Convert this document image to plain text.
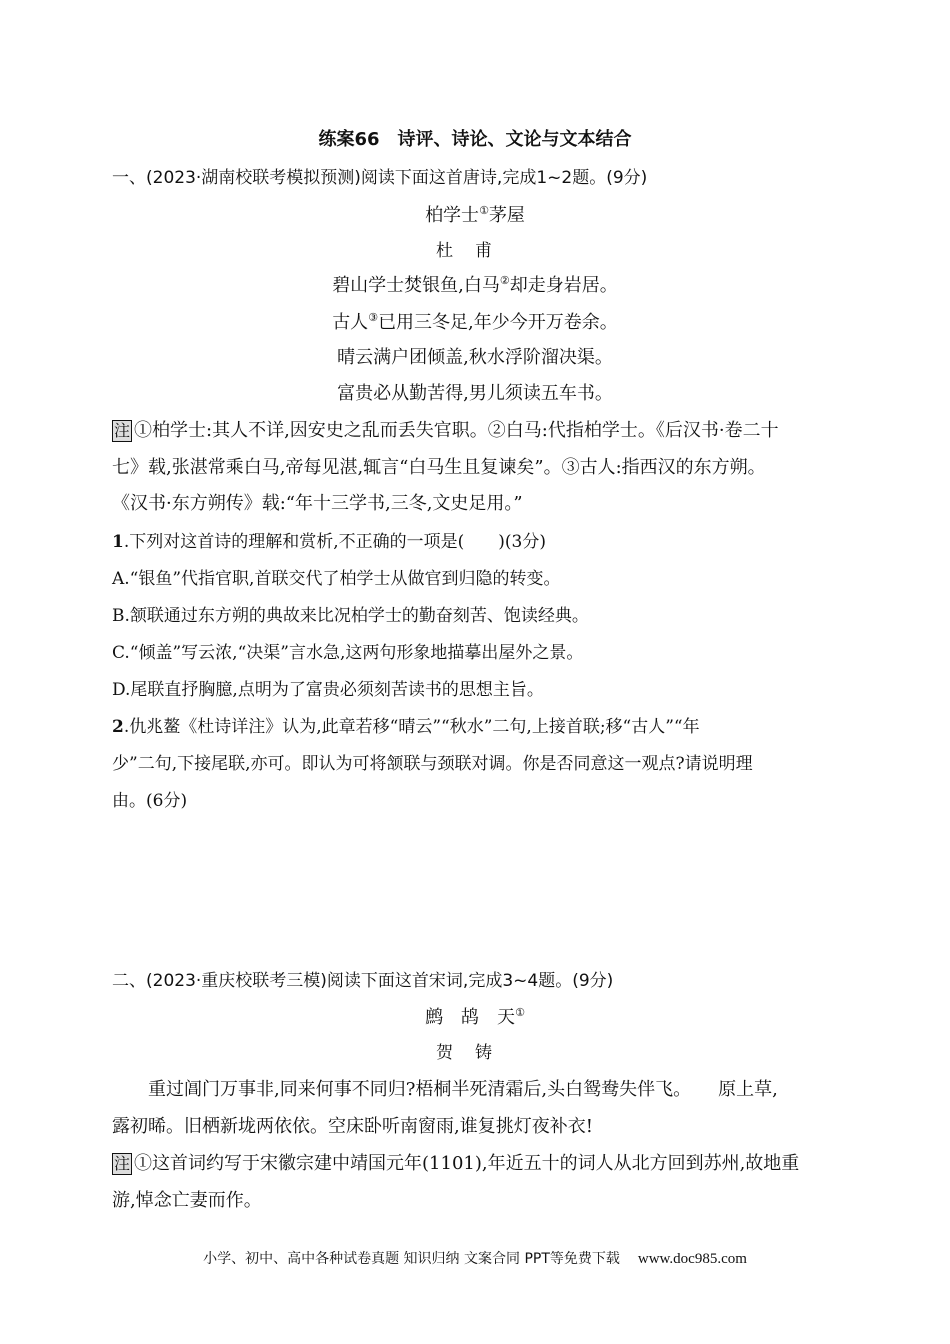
练案66　诗评、诗论、文论与文本结合
一、(2023·湖南校联考模拟预测)阅读下面这首唐诗,完成1~2题。(9分)
柏学士①茅屋
杜甫
碧山学士焚银鱼,白马②却走身岩居。
古人③已用三冬足,年少今开万卷余。
晴云满户团倾盖,秋水浮阶溜决渠。
富贵必从勤苦得,男儿须读五车书。
注 ①柏学士:其人不详,因安史之乱而丢失官职。②白马:代指柏学士。《后汉书·卷二十
七》载,张湛常乘白马,帝每见湛,辄言“白马生且复谏矣”。③古人:指西汉的东方朔。
《汉书·东方朔传》载:“年十三学书,三冬,文史足用。”
1.下列对这首诗的理解和赏析,不正确的一项是(　　)(3分)
A.“银鱼”代指官职,首联交代了柏学士从做官到归隐的转变。
B.颔联通过东方朔的典故来比况柏学士的勤奋刻苦、饱读经典。
C.“倾盖”写云浓,“决渠”言水急,这两句形象地描摹出屋外之景。
D.尾联直抒胸臆,点明为了富贵必须刻苦读书的思想主旨。
2.仇兆鳌《杜诗详注》认为,此章若移“晴云”“秋水”二句,上接首联;移“古人”“年
少”二句,下接尾联,亦可。即认为可将颔联与颈联对调。你是否同意这一观点?请说明理
由。(6分)
二、(2023·重庆校联考三模)阅读下面这首宋词,完成3~4题。(9分)
鹧　鸪　天①
贺铸
重过阊门万事非,同来何事不同归?梧桐半死清霜后,头白鸳鸯失伴飞。　　原上草,
露初晞。旧栖新垅两依依。空床卧听南窗雨,谁复挑灯夜补衣!
注 ①这首词约写于宋徽宗建中靖国元年(1101),年近五十的词人从北方回到苏州,故地重
游,悼念亡妻而作。
小学、初中、高中各种试卷真题 知识归纳 文案合同 PPT等免费下载 www.doc985.com
